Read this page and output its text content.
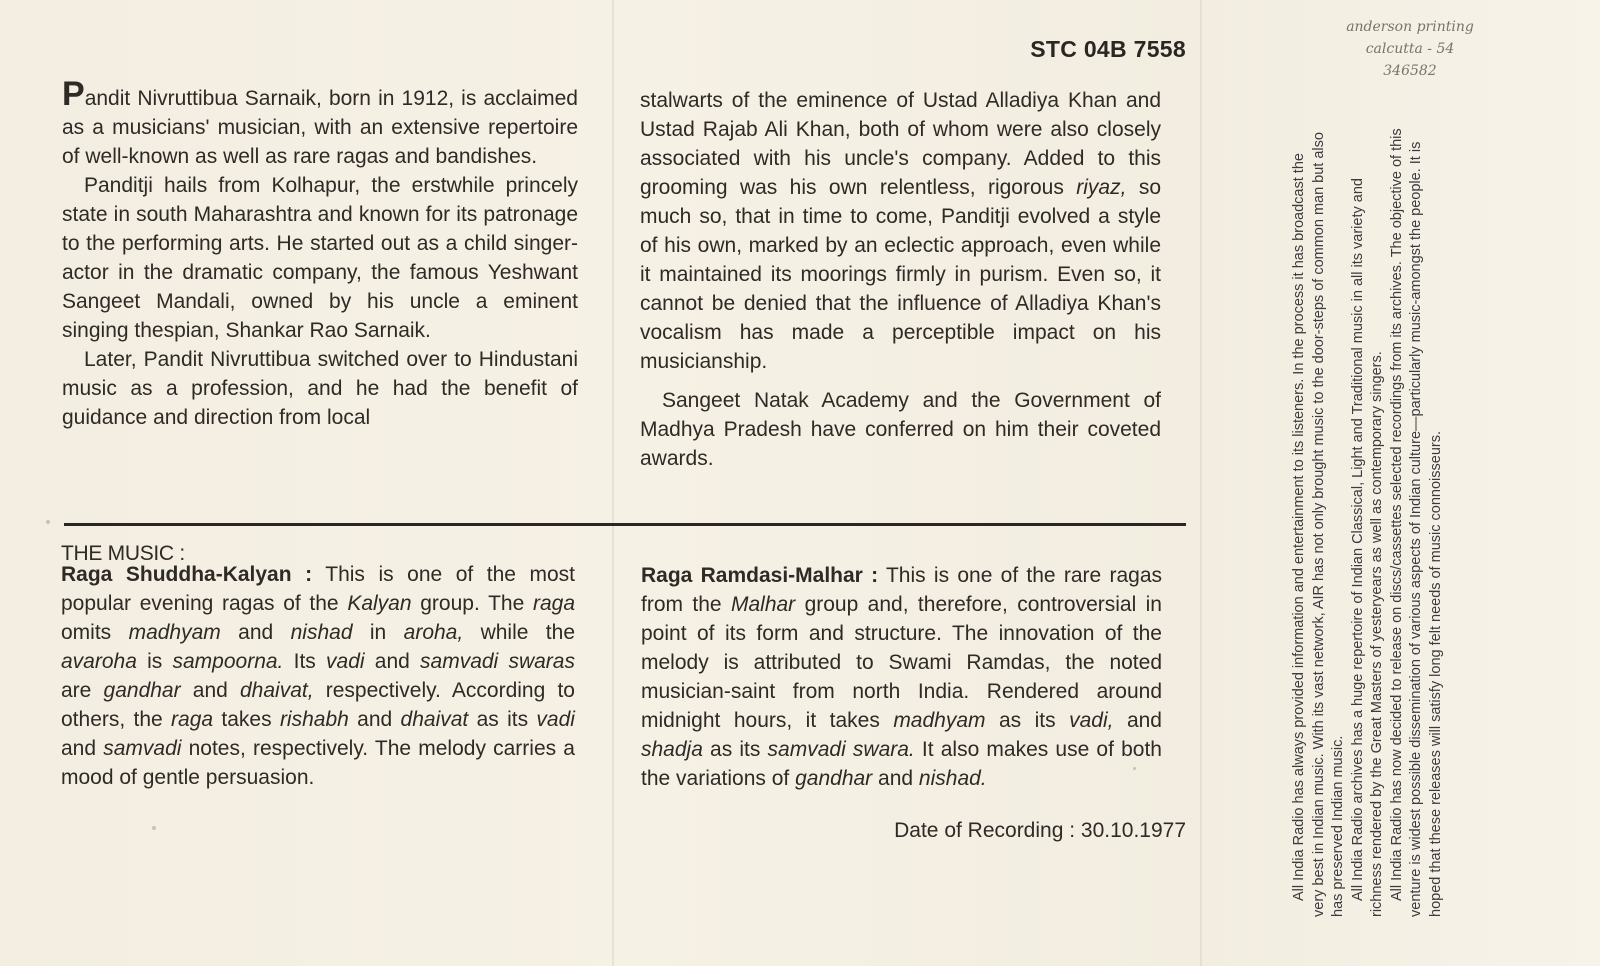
STC 04B 7558
anderson printing
calcutta - 54
346582

Pandit Nivruttibua Sarnaik, born in 1912, is acclaimed as a musicians' musician, with an extensive repertoire of well-known as well as rare ragas and bandishes.

Panditji hails from Kolhapur, the erstwhile princely state in south Maharashtra and known for its patronage to the performing arts. He started out as a child singer-actor in the dramatic company, the famous Yeshwant Sangeet Mandali, owned by his uncle a eminent singing thespian, Shankar Rao Sarnaik.

Later, Pandit Nivruttibua switched over to Hindustani music as a profession, and he had the benefit of guidance and direction from local

stalwarts of the eminence of Ustad Alladiya Khan and Ustad Rajab Ali Khan, both of whom were also closely associated with his uncle's company. Added to this grooming was his own relentless, rigorous riyaz, so much so, that in time to come, Panditji evolved a style of his own, marked by an eclectic approach, even while it maintained its moorings firmly in purism. Even so, it cannot be denied that the influence of Alladiya Khan's vocalism has made a perceptible impact on his musicianship.

Sangeet Natak Academy and the Government of Madhya Pradesh have conferred on him their coveted awards.

THE MUSIC :

Raga Shuddha-Kalyan : This is one of the most popular evening ragas of the Kalyan group. The raga omits madhyam and nishad in aroha, while the avaroha is sampoorna. Its vadi and samvadi swaras are gandhar and dhaivat, respectively. According to others, the raga takes rishabh and dhaivat as its vadi and samvadi notes, respectively. The melody carries a mood of gentle persuasion.

Raga Ramdasi-Malhar : This is one of the rare ragas from the Malhar group and, therefore, controversial in point of its form and structure. The innovation of the melody is attributed to Swami Ramdas, the noted musician-saint from north India. Rendered around midnight hours, it takes madhyam as its vadi, and shadja as its samvadi swara. It also makes use of both the variations of gandhar and nishad.

Date of Recording : 30.10.1977	All India Radio has always provided information and entertainment to its listeners. In the process it has broadcast the very best in Indian music. With its vast network, AIR has not only brought music to the door-steps of common man but also has preserved Indian music. All India Radio archives has a huge repertoire of Indian Classical, Light and Traditional music in all its variety and richness rendered by the Great Masters of yesteryears as well as contemporary singers. All India Radio has now decided to release on discs/cassettes selected recordings from its archives. The objective of this venture is widest possible dissemination of various aspects of Indian culture—particularly music-amongst the people. It is hoped that these releases will satisfy long felt needs of music connoisseurs.
